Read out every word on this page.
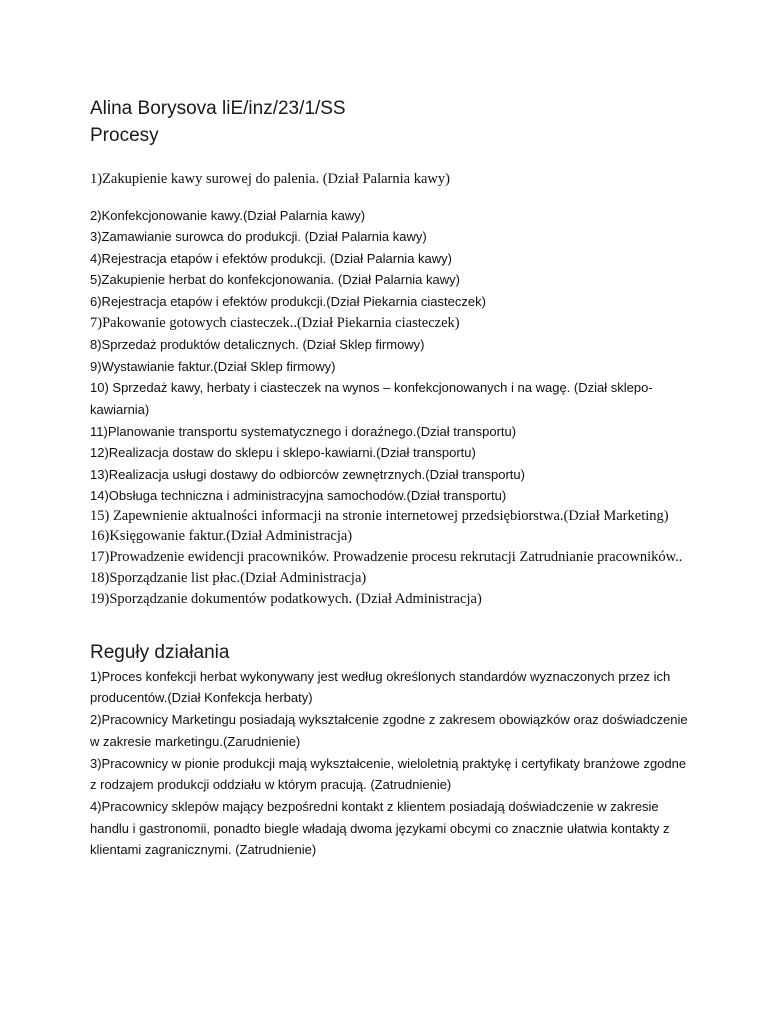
Alina Borysova liE/inz/23/1/SS
Procesy

1)Zakupienie kawy surowej do palenia. (Dział Palarnia kawy)

2)Konfekcjonowanie kawy.(Dział Palarnia kawy)

3)Zamawianie surowca do produkcji. (Dział Palarnia kawy)

4)Rejestracja etapów i efektów produkcji. (Dział Palarnia kawy)

5)Zakupienie herbat do konfekcjonowania. (Dział Palarnia kawy)

6)Rejestracja etapów i efektów produkcji.(Dział Piekarnia ciasteczek)

7)Pakowanie gotowych ciasteczek..(Dział Piekarnia ciasteczek)

8)Sprzedaż produktów detalicznych. (Dział Sklep firmowy)

9)Wystawianie faktur.(Dział Sklep firmowy)

10) Sprzedaż kawy, herbaty i ciasteczek na wynos – konfekcjonowanych i na wagę. (Dział sklepo-kawiarnia)

11)Planowanie transportu systematycznego i doraźnego.(Dział transportu)

12)Realizacja dostaw do sklepu i sklepo-kawiarni.(Dział transportu)

13)Realizacja usługi dostawy do odbiorców zewnętrznych.(Dział transportu)

14)Obsługa techniczna i administracyjna samochodów.(Dział transportu)

15) Zapewnienie aktualności informacji na stronie internetowej przedsiębiorstwa.(Dział Marketing)

16)Księgowanie faktur.(Dział Administracja)

17)Prowadzenie ewidencji pracowników. Prowadzenie procesu rekrutacji Zatrudnianie pracowników..

18)Sporządzanie list płac.(Dział Administracja)

19)Sporządzanie dokumentów podatkowych. (Dział Administracja)

Reguły działania

1)Proces konfekcji herbat wykonywany jest według określonych standardów wyznaczonych przez ich producentów.(Dział Konfekcja herbaty)

2)Pracownicy Marketingu posiadają wykształcenie zgodne z zakresem obowiązków oraz doświadczenie w zakresie marketingu.(Zarudnienie)

3)Pracownicy w pionie produkcji mają wykształcenie, wieloletnią praktykę i certyfikaty branżowe zgodne z rodzajem produkcji oddziału w którym pracują. (Zatrudnienie)

4)Pracownicy sklepów mający bezpośredni kontakt z klientem posiadają doświadczenie w zakresie handlu i gastronomii, ponadto biegle władają dwoma językami obcymi co znacznie ułatwia kontakty z klientami zagranicznymi. (Zatrudnienie)
